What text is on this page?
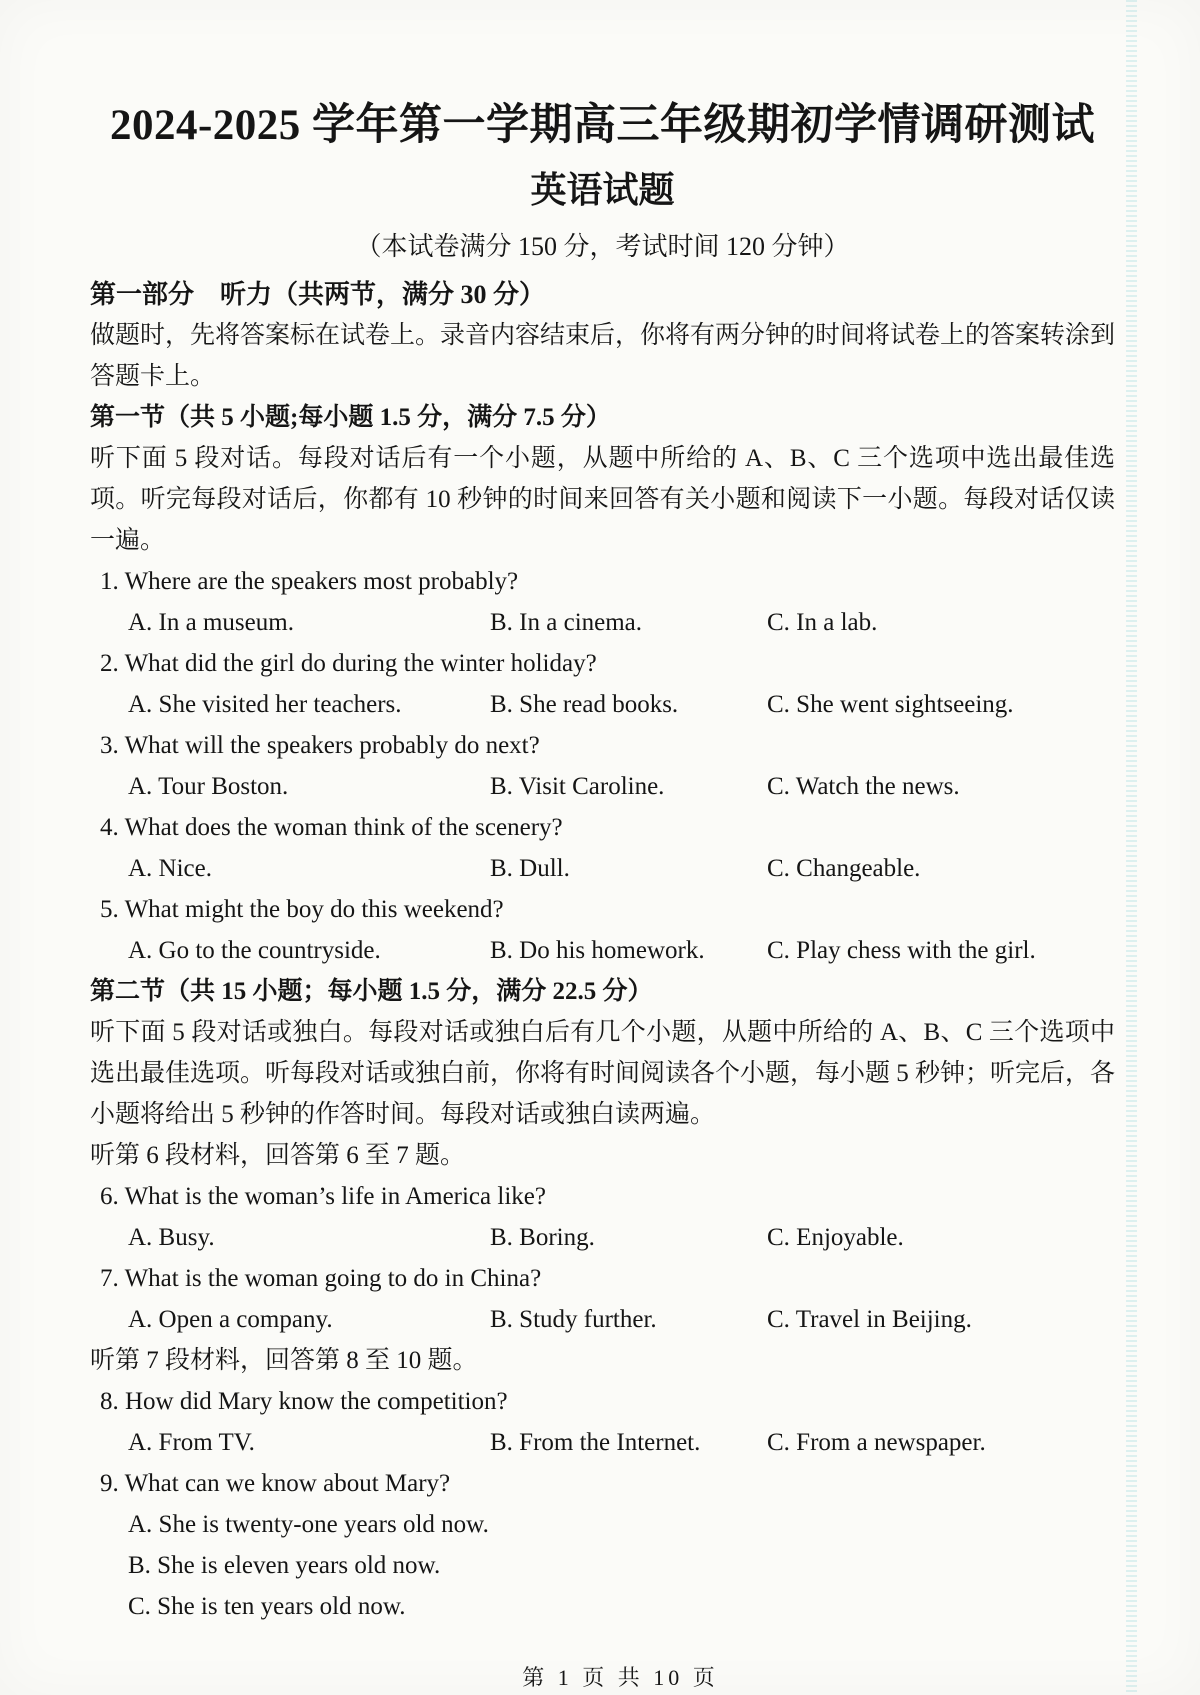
2024-2025 学年第一学期高三年级期初学情调研测试
英语试题
（本试卷满分 150 分，考试时间 120 分钟）
第一部分　听力（共两节，满分 30 分）
做题时，先将答案标在试卷上。录音内容结束后，你将有两分钟的时间将试卷上的答案转涂到答题卡上。
第一节（共 5 小题;每小题 1.5 分，满分 7.5 分）
听下面 5 段对话。每段对话后有一个小题，从题中所给的 A、B、C 三个选项中选出最佳选项。听完每段对话后，你都有 10 秒钟的时间来回答有关小题和阅读下一小题。每段对话仅读一遍。
1. Where are the speakers most probably?
A. In a museum.	B. In a cinema.	C. In a lab.
2. What did the girl do during the winter holiday?
A. She visited her teachers.	B. She read books.	C. She went sightseeing.
3. What will the speakers probably do next?
A. Tour Boston.	B. Visit Caroline.	C. Watch the news.
4. What does the woman think of the scenery?
A. Nice.	B. Dull.	C. Changeable.
5. What might the boy do this weekend?
A. Go to the countryside.	B. Do his homework.	C. Play chess with the girl.
第二节（共 15 小题；每小题 1.5 分，满分 22.5 分）
听下面 5 段对话或独白。每段对话或独白后有几个小题，从题中所给的 A、B、C 三个选项中选出最佳选项。听每段对话或独白前，你将有时间阅读各个小题，每小题 5 秒钟；听完后，各小题将给出 5 秒钟的作答时间。每段对话或独白读两遍。
听第 6 段材料，回答第 6 至 7 题。
6. What is the woman’s life in America like?
A. Busy.	B. Boring.	C. Enjoyable.
7. What is the woman going to do in China?
A. Open a company.	B. Study further.	C. Travel in Beijing.
听第 7 段材料，回答第 8 至 10 题。
8. How did Mary know the competition?
A. From TV.	B. From the Internet.	C. From a newspaper.
9. What can we know about Mary?
A. She is twenty-one years old now.
B. She is eleven years old now.
C. She is ten years old now.
第 1 页 共 10 页
